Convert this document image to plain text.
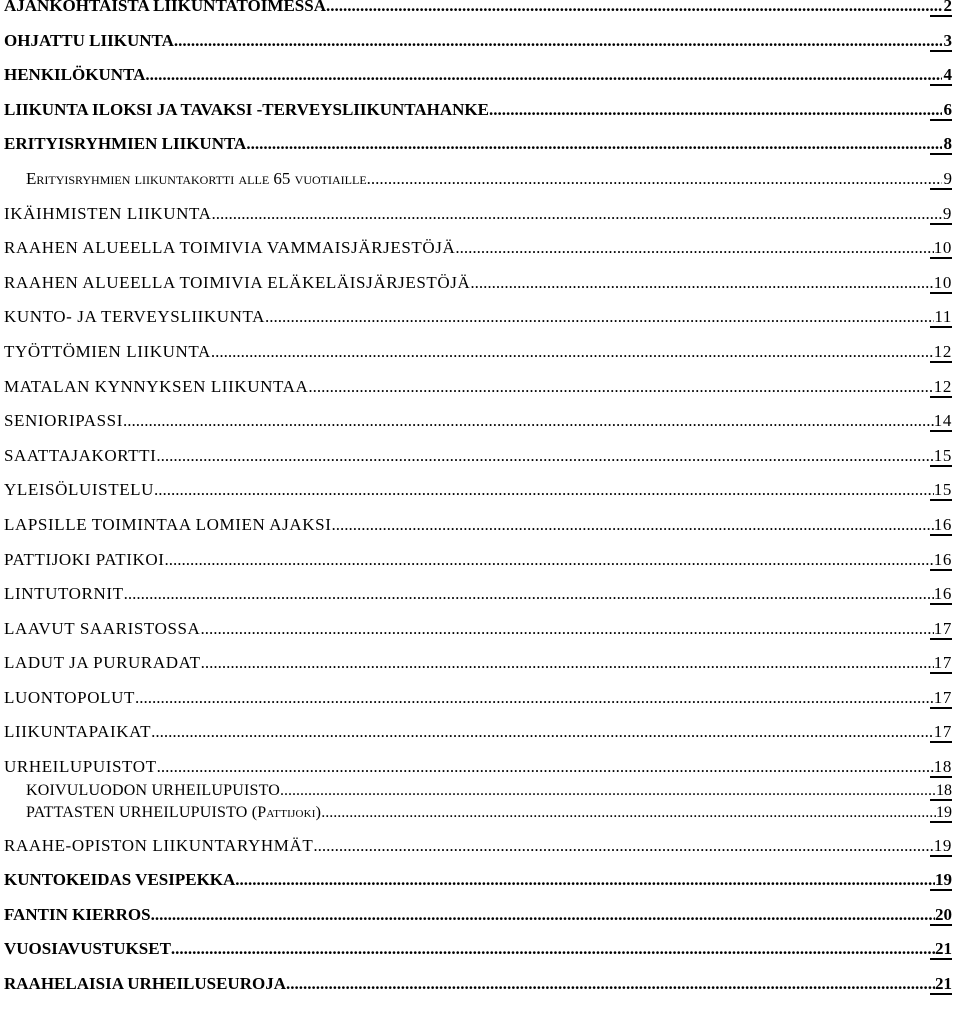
AJANKOHTAISTA LIIKUNTATOIMESSA .....	2
OHJATTU LIIKUNTA .....	3
HENKILÖKUNTA .....	4
LIIKUNTA ILOKSI JA TAVAKSI -TERVEYSLIIKUNTAHANKE .....	6
ERITYISRYHMIEN LIIKUNTA .....	8
Erityisryhmien liikuntakortti alle 65 vuotiaille .....	9
IKÄIHMISTEN LIIKUNTA .....	9
RAAHEN ALUEELLA TOIMIVIA VAMMAISJÄRJESTÖJÄ .....	10
RAAHEN ALUEELLA TOIMIVIA ELÄKELÄISJÄRJESTÖJÄ .....	10
KUNTO- JA TERVEYSLIIKUNTA .....	11
TYÖTTÖMIEN LIIKUNTA .....	12
MATALAN KYNNYKSEN LIIKUNTAA .....	12
SENIORIPASSI .....	14
SAATTAJAKORTTI .....	15
YLEISÖLUISTELU .....	15
LAPSILLE TOIMINTAA LOMIEN AJAKSI .....	16
PATTIJOKI PATIKOI .....	16
LINTUTORNIT .....	16
LAAVUT SAARISTOSSA .....	17
LADUT JA PURURADAT .....	17
LUONTOPOLUT .....	17
LIIKUNTAPAIKAT .....	17
URHEILUPUISTOT .....	18
KOIVULUODON URHEILUPUISTO .....	18
PATTASTEN URHEILUPUISTO (Pattijoki) .....	19
RAAHE-OPISTON LIIKUNTARYHMÄT .....	19
KUNTOKEIDAS VESIPEKKA .....	19
FANTIN KIERROS .....	20
VUOSIAVUSTUKSET .....	21
RAAHELAISIA URHEILUSEUROJA .....	21
